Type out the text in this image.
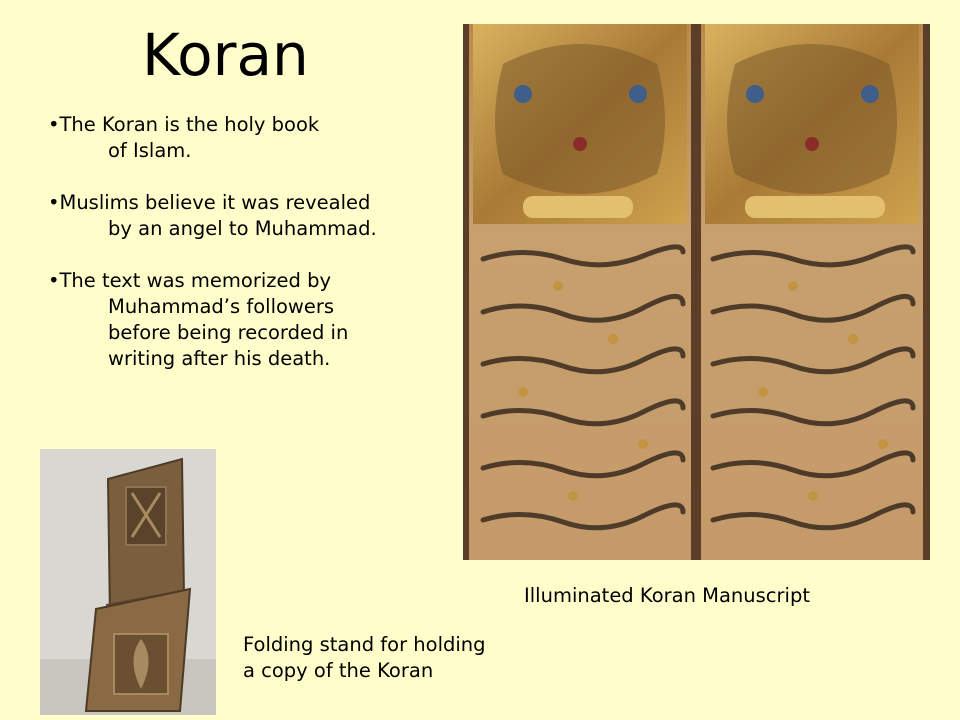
Koran
•The Koran is the holy book
of Islam.
•Muslims believe it was revealed
by an angel to Muhammad.
•The text was memorized by
Muhammad’s followers
before being recorded in
writing after his death.
Illuminated Koran Manuscript
Folding stand for holding
a copy of the Koran
